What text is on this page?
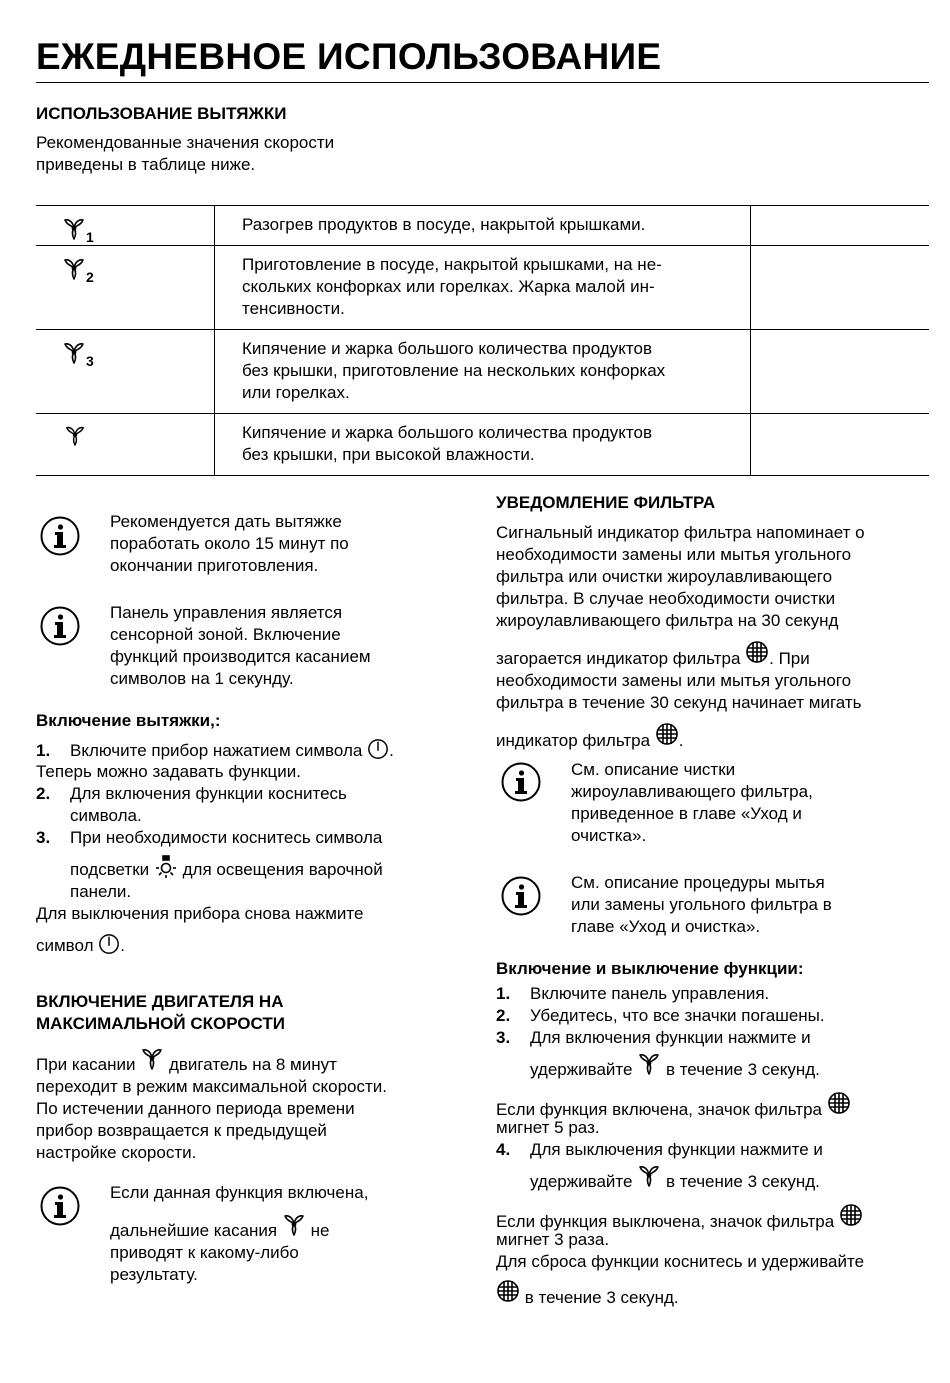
ЕЖЕДНЕВНОЕ ИСПОЛЬЗОВАНИЕ
ИСПОЛЬЗОВАНИЕ ВЫТЯЖКИ

Рекомендованные значения скорости

приведены в таблице ниже.

1
Разогрев продуктов в посуде, накрытой крышками.
2
Приготовление в посуде, накрытой крышками, на не-
скольких конфорках или горелках. Жарка малой ин-
тенсивности.
3
Кипячение и жарка большого количества продуктов
без крышки, приготовление на нескольких конфорках
или горелках.
Кипячение и жарка большого количества продуктов
без крышки, при высокой влажности.

Рекомендуется дать вытяжке

поработать около 15 минут по

окончании приготовления.

Панель управления является

сенсорной зоной. Включение

функций производится касанием

символов на 1 секунду.

Включение вытяжки,:
1. Включите прибор нажатием символа .

Теперь можно задавать функции.

2. Для включения функции коснитесь
символа.
3. При необходимости коснитесь символа
подсветки для освещения варочной
панели.

Для выключения прибора снова нажмите

символ .

ВКЛЮЧЕНИЕ ДВИГАТЕЛЯ НА
МАКСИМАЛЬНОЙ СКОРОСТИ

При касании двигатель на 8 минут

переходит в режим максимальной скорости.

По истечении данного периода времени

прибор возвращается к предыдущей

настройке скорости.

Если данная функция включена,

дальнейшие касания не

приводят к какому-либо

результату.

УВЕДОМЛЕНИЕ ФИЛЬТРА

Сигнальный индикатор фильтра напоминает о

необходимости замены или мытья угольного

фильтра или очистки жироулавливающего

фильтра. В случае необходимости очистки

жироулавливающего фильтра на 30 секунд

загорается индикатор фильтра . При

необходимости замены или мытья угольного

фильтра в течение 30 секунд начинает мигать

индикатор фильтра .

См. описание чистки

жироулавливающего фильтра,

приведенное в главе «Уход и

очистка».

См. описание процедуры мытья

или замены угольного фильтра в

главе «Уход и очистка».

Включение и выключение функции:
1. Включите панель управления.
2. Убедитесь, что все значки погашены.
3. Для включения функции нажмите и
удерживайте в течение 3 секунд.

Если функция включена, значок фильтра

мигнет 5 раз.

4. Для выключения функции нажмите и
удерживайте в течение 3 секунд.

Если функция выключена, значок фильтра

мигнет 3 раза.

Для сброса функции коснитесь и удерживайте

в течение 3 секунд.
